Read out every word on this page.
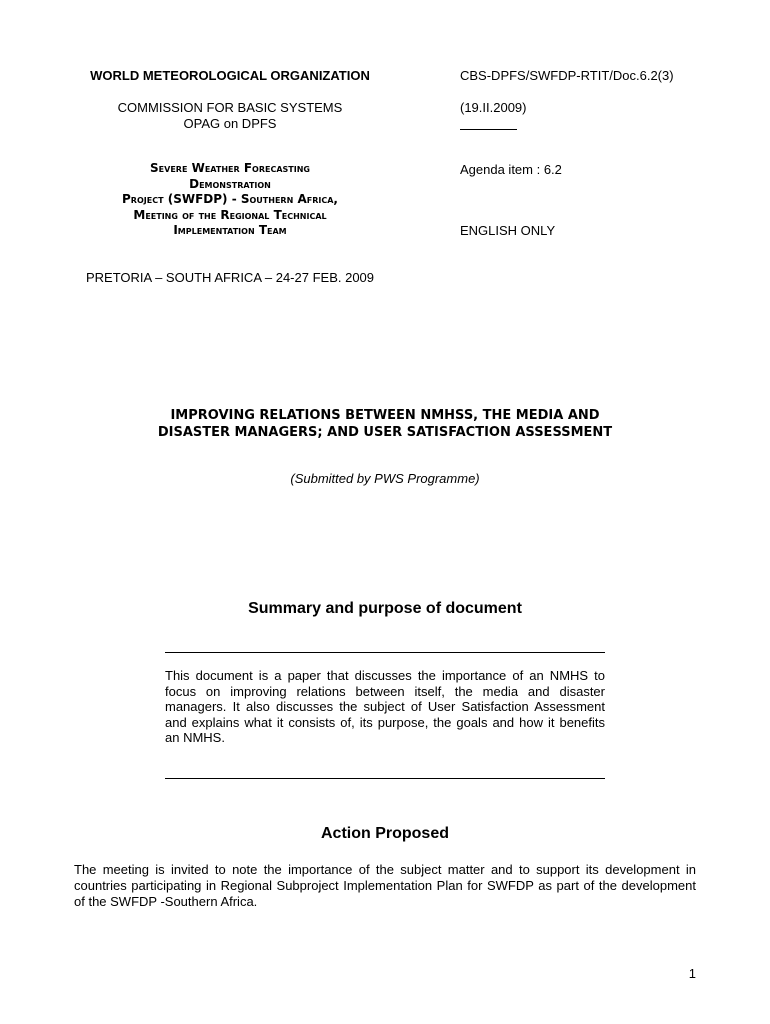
WORLD METEOROLOGICAL ORGANIZATION
COMMISSION FOR BASIC SYSTEMS
OPAG on DPFS
Severe Weather Forecasting
Demonstration
Project (SWFDP) - Southern Africa,
Meeting of the Regional Technical
Implementation Team
PRETORIA – SOUTH AFRICA – 24-27 FEB. 2009
CBS-DPFS/SWFDP-RTIT/Doc.6.2(3)
(19.II.2009)
Agenda item : 6.2
ENGLISH ONLY
IMPROVING RELATIONS BETWEEN NMHSS, THE MEDIA AND
DISASTER MANAGERS; AND USER SATISFACTION ASSESSMENT
(Submitted by PWS Programme)
Summary and purpose of document
This document is a paper that discusses the importance of an NMHS to focus on improving relations between itself, the media and disaster managers. It also discusses the subject of User Satisfaction Assessment and explains what it consists of, its purpose, the goals and how it benefits an NMHS.
Action Proposed
The meeting is invited to note the importance of the subject matter and to support its development in countries participating in Regional Subproject Implementation Plan for SWFDP as part of the development of the SWFDP -Southern Africa.
1
